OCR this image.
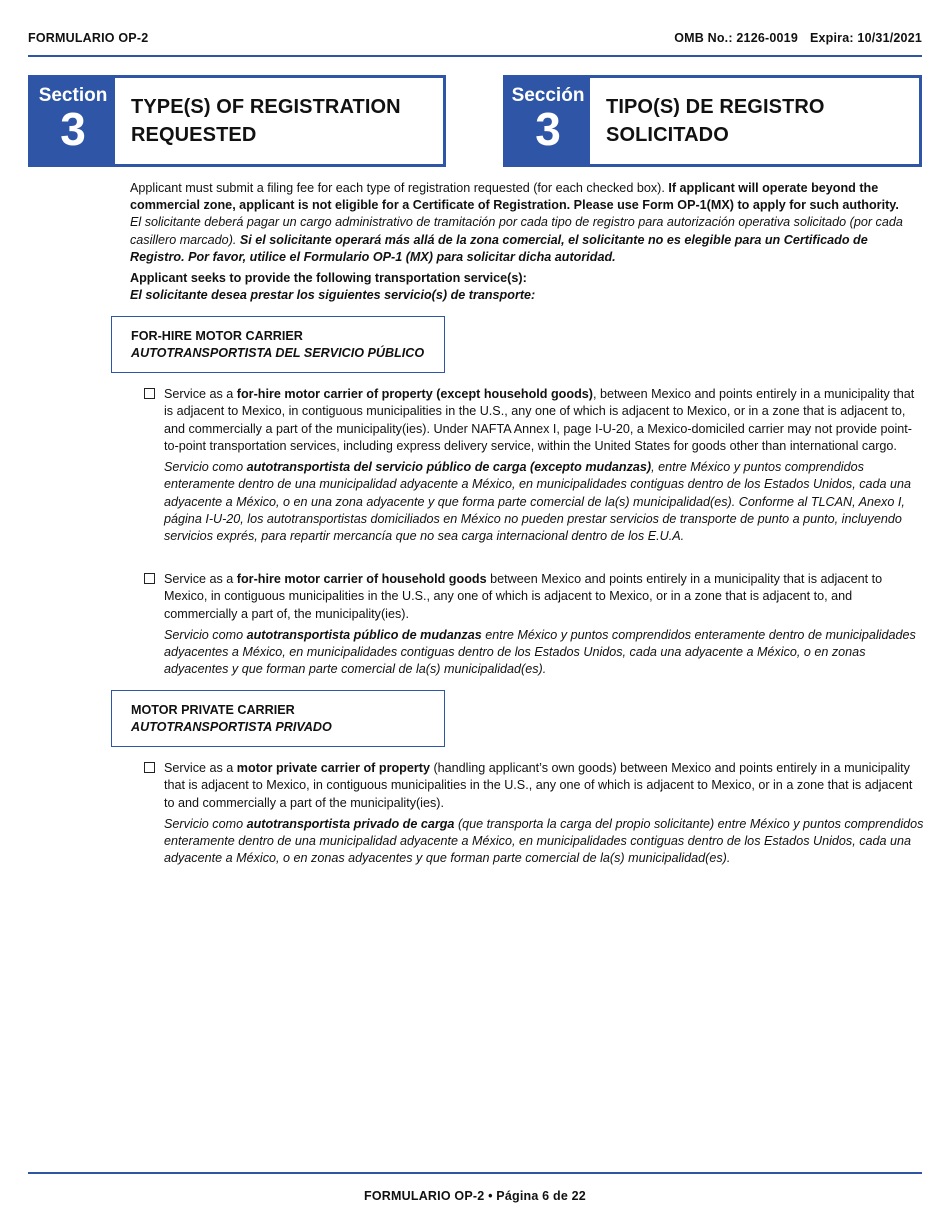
FORMULARIO OP-2	OMB No.: 2126-0019 Expira: 10/31/2021
Section
3 TYPE(S) OF REGISTRATION
REQUESTED
Sección
3 TIPO(S) DE REGISTRO
SOLICITADO

Applicant must submit a filing fee for each type of registration requested (for each checked box). If applicant will operate beyond the commercial zone, applicant is not eligible for a Certificate of Registration. Please use Form OP-1(MX) to apply for such authority.

El solicitante deberá pagar un cargo administrativo de tramitación por cada tipo de registro para autorización operativa solicitado (por cada casillero marcado). Si el solicitante operará más allá de la zona comercial, el solicitante no es elegible para un Certificado de Registro. Por favor, utilice el Formulario OP-1 (MX) para solicitar dicha autoridad.

Applicant seeks to provide the following transportation service(s):
El solicitante desea prestar los siguientes servicio(s) de transporte:
FOR-HIRE MOTOR CARRIER
AUTOTRANSPORTISTA DEL SERVICIO PÚBLICO

Service as a for-hire motor carrier of property (except household goods), between Mexico and points entirely in a municipality that is adjacent to Mexico, in contiguous municipalities in the U.S., any one of which is adjacent to Mexico, or in a zone that is adjacent to, and commercially a part of the municipality(ies). Under NAFTA Annex I, page I-U-20, a Mexico-domiciled carrier may not provide point-to-point transportation services, including express delivery service, within the United States for goods other than international cargo.

Servicio como autotransportista del servicio público de carga (excepto mudanzas), entre México y puntos comprendidos enteramente dentro de una municipalidad adyacente a México, en municipalidades contiguas dentro de los Estados Unidos, cada una adyacente a México, o en una zona adyacente y que forma parte comercial de la(s) municipalidad(es). Conforme al TLCAN, Anexo I, página I-U-20, los autotransportistas domiciliados en México no pueden prestar servicios de transporte de punto a punto, incluyendo servicios exprés, para repartir mercancía que no sea carga internacional dentro de los E.U.A.

Service as a for-hire motor carrier of household goods between Mexico and points entirely in a municipality that is adjacent to Mexico, in contiguous municipalities in the U.S., any one of which is adjacent to Mexico, or in a zone that is adjacent to, and commercially a part of, the municipality(ies).

Servicio como autotransportista público de mudanzas entre México y puntos comprendidos enteramente dentro de municipalidades adyacentes a México, en municipalidades contiguas dentro de los Estados Unidos, cada una adyacente a México, o en zonas adyacentes y que forman parte comercial de la(s) municipalidad(es).

MOTOR PRIVATE CARRIER
AUTOTRANSPORTISTA PRIVADO

Service as a motor private carrier of property (handling applicant’s own goods) between Mexico and points entirely in a municipality that is adjacent to Mexico, in contiguous municipalities in the U.S., any one of which is adjacent to Mexico, or in a zone that is adjacent to and commercially a part of the municipality(ies).

Servicio como autotransportista privado de carga (que transporta la carga del propio solicitante) entre México y puntos comprendidos enteramente dentro de una municipalidad adyacente a México, en municipalidades contiguas dentro de los Estados Unidos, cada una adyacente a México, o en zonas adyacentes y que forman parte comercial de la(s) municipalidad(es).

FORMULARIO OP-2 • Página 6 de 22
